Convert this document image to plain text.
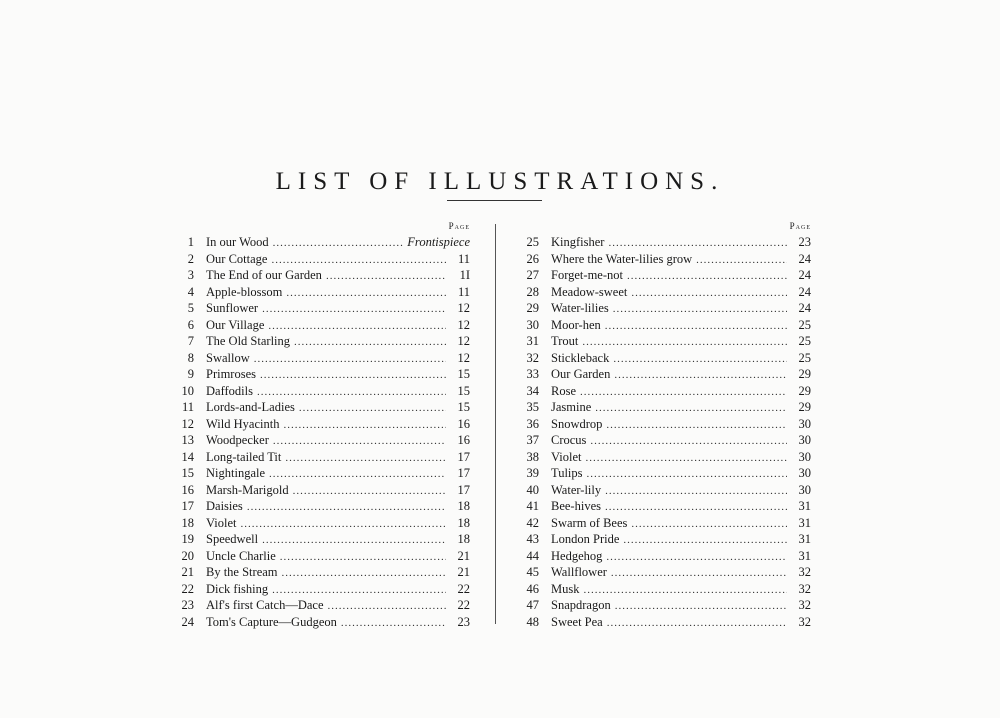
LIST OF ILLUSTRATIONS.
Page
1 In our Wood .....	Frontispiece
2 Our Cottage .....	11
3 The End of our Garden .....	1I
4 Apple-blossom .....	11
5 Sunflower .....	12
6 Our Village .....	12
7 The Old Starling .....	12
8 Swallow .....	12
9 Primroses .....	15
10 Daffodils .....	15
11 Lords-and-Ladies .....	15
12 Wild Hyacinth .....	16
13 Woodpecker .....	16
14 Long-tailed Tit .....	17
15 Nightingale .....	17
16 Marsh-Marigold .....	17
17 Daisies .....	18
18 Violet .....	18
19 Speedwell .....	18
20 Uncle Charlie .....	21
21 By the Stream .....	21
22 Dick fishing .....	22
23 Alf's first Catch—Dace .....	22
24 Tom's Capture—Gudgeon .....	23
Page
25 Kingfisher .....	23
26 Where the Water-lilies grow .....	24
27 Forget-me-not .....	24
28 Meadow-sweet .....	24
29 Water-lilies .....	24
30 Moor-hen .....	25
31 Trout .....	25
32 Stickleback .....	25
33 Our Garden .....	29
34 Rose .....	29
35 Jasmine .....	29
36 Snowdrop .....	30
37 Crocus .....	30
38 Violet .....	30
39 Tulips .....	30
40 Water-lily .....	30
41 Bee-hives .....	31
42 Swarm of Bees .....	31
43 London Pride .....	31
44 Hedgehog .....	31
45 Wallflower .....	32
46 Musk .....	32
47 Snapdragon .....	32
48 Sweet Pea .....	32
